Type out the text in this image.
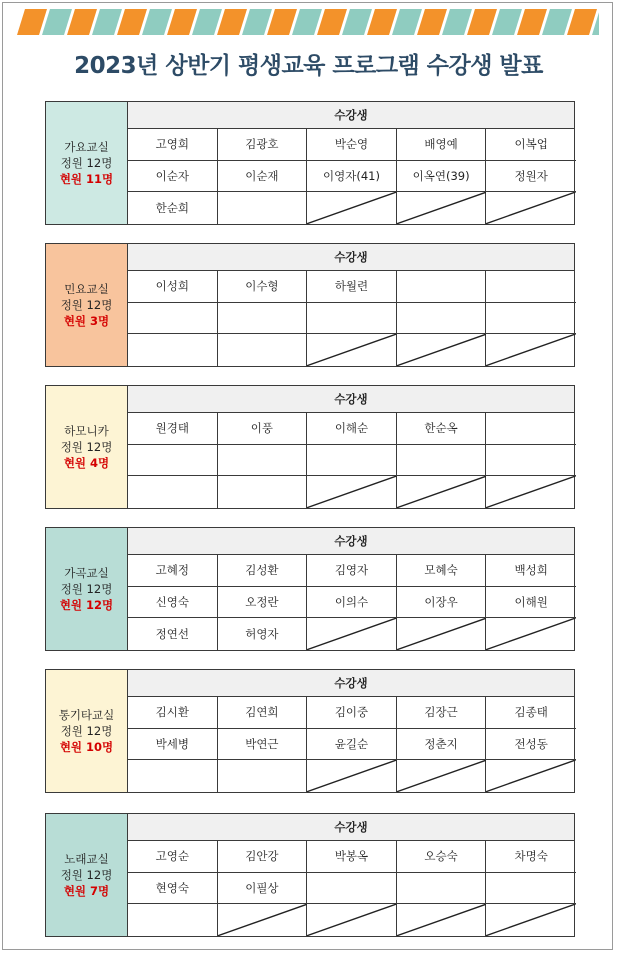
2023년 상반기 평생교육 프로그램 수강생 발표
가요교실
정원 12명
현원 11명
수강생
고영희	김광호	박순영	배영예	이복업
이순자	이순재	이영자(41)	이옥연(39)	정원자
한순희
민요교실
정원 12명
현원 3명
수강생
이성희	이수형	하월련
하모니카
정원 12명
현원 4명
수강생
원경태	이풍	이해순	한순옥
가곡교실
정원 12명
현원 12명
수강생
고혜정	김성환	김영자	모혜숙	백성희
신영숙	오정란	이의수	이장우	이해원
정연선	허영자
통기타교실
정원 12명
현원 10명
수강생
김시환	김연희	김이중	김장근	김종태
박세병	박연근	윤길순	정춘지	전성동
노래교실
정원 12명
현원 7명
수강생
고영순	김안강	박봉옥	오승숙	차명숙
현영숙	이필상
